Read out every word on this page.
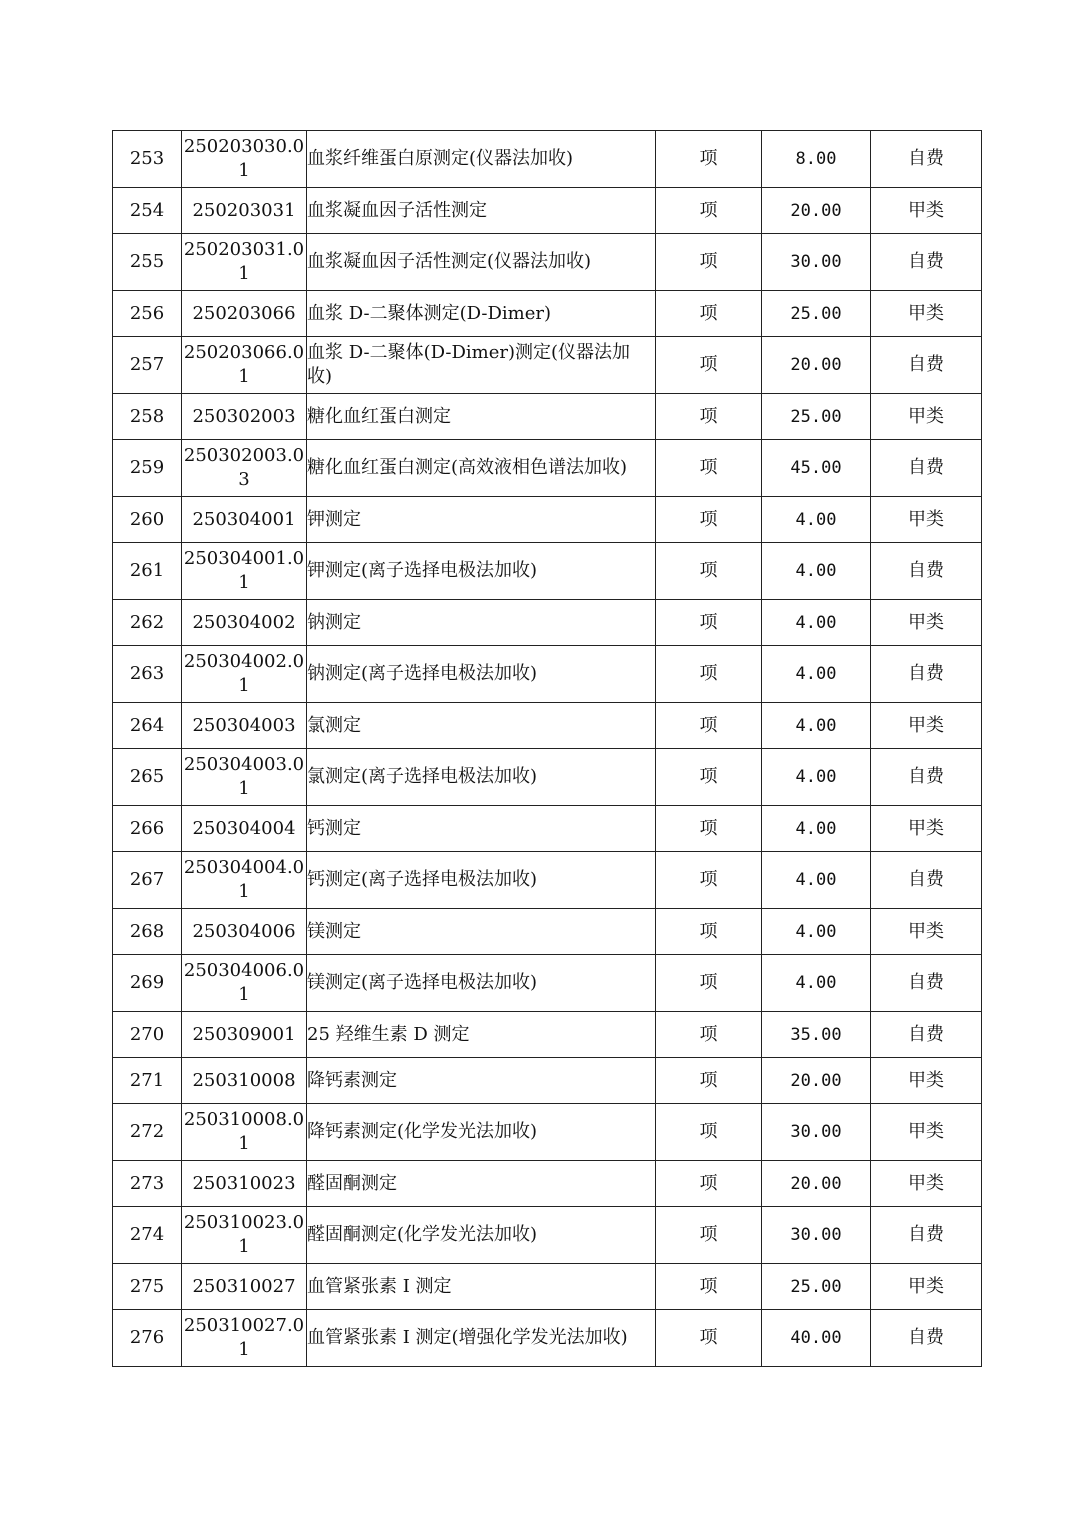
253	250203030.01	血浆纤维蛋白原测定(仪器法加收)	项	8.00	自费
254	250203031	血浆凝血因子活性测定	项	20.00	甲类
255	250203031.01	血浆凝血因子活性测定(仪器法加收)	项	30.00	自费
256	250203066	血浆 D-二聚体测定(D-Dimer)	项	25.00	甲类
257	250203066.01	血浆 D-二聚体(D-Dimer)测定(仪器法加收)	项	20.00	自费
258	250302003	糖化血红蛋白测定	项	25.00	甲类
259	250302003.03	糖化血红蛋白测定(高效液相色谱法加收)	项	45.00	自费
260	250304001	钾测定	项	4.00	甲类
261	250304001.01	钾测定(离子选择电极法加收)	项	4.00	自费
262	250304002	钠测定	项	4.00	甲类
263	250304002.01	钠测定(离子选择电极法加收)	项	4.00	自费
264	250304003	氯测定	项	4.00	甲类
265	250304003.01	氯测定(离子选择电极法加收)	项	4.00	自费
266	250304004	钙测定	项	4.00	甲类
267	250304004.01	钙测定(离子选择电极法加收)	项	4.00	自费
268	250304006	镁测定	项	4.00	甲类
269	250304006.01	镁测定(离子选择电极法加收)	项	4.00	自费
270	250309001	25 羟维生素 D 测定	项	35.00	自费
271	250310008	降钙素测定	项	20.00	甲类
272	250310008.01	降钙素测定(化学发光法加收)	项	30.00	甲类
273	250310023	醛固酮测定	项	20.00	甲类
274	250310023.01	醛固酮测定(化学发光法加收)	项	30.00	自费
275	250310027	血管紧张素 I 测定	项	25.00	甲类
276	250310027.01	血管紧张素 I 测定(增强化学发光法加收)	项	40.00	自费
